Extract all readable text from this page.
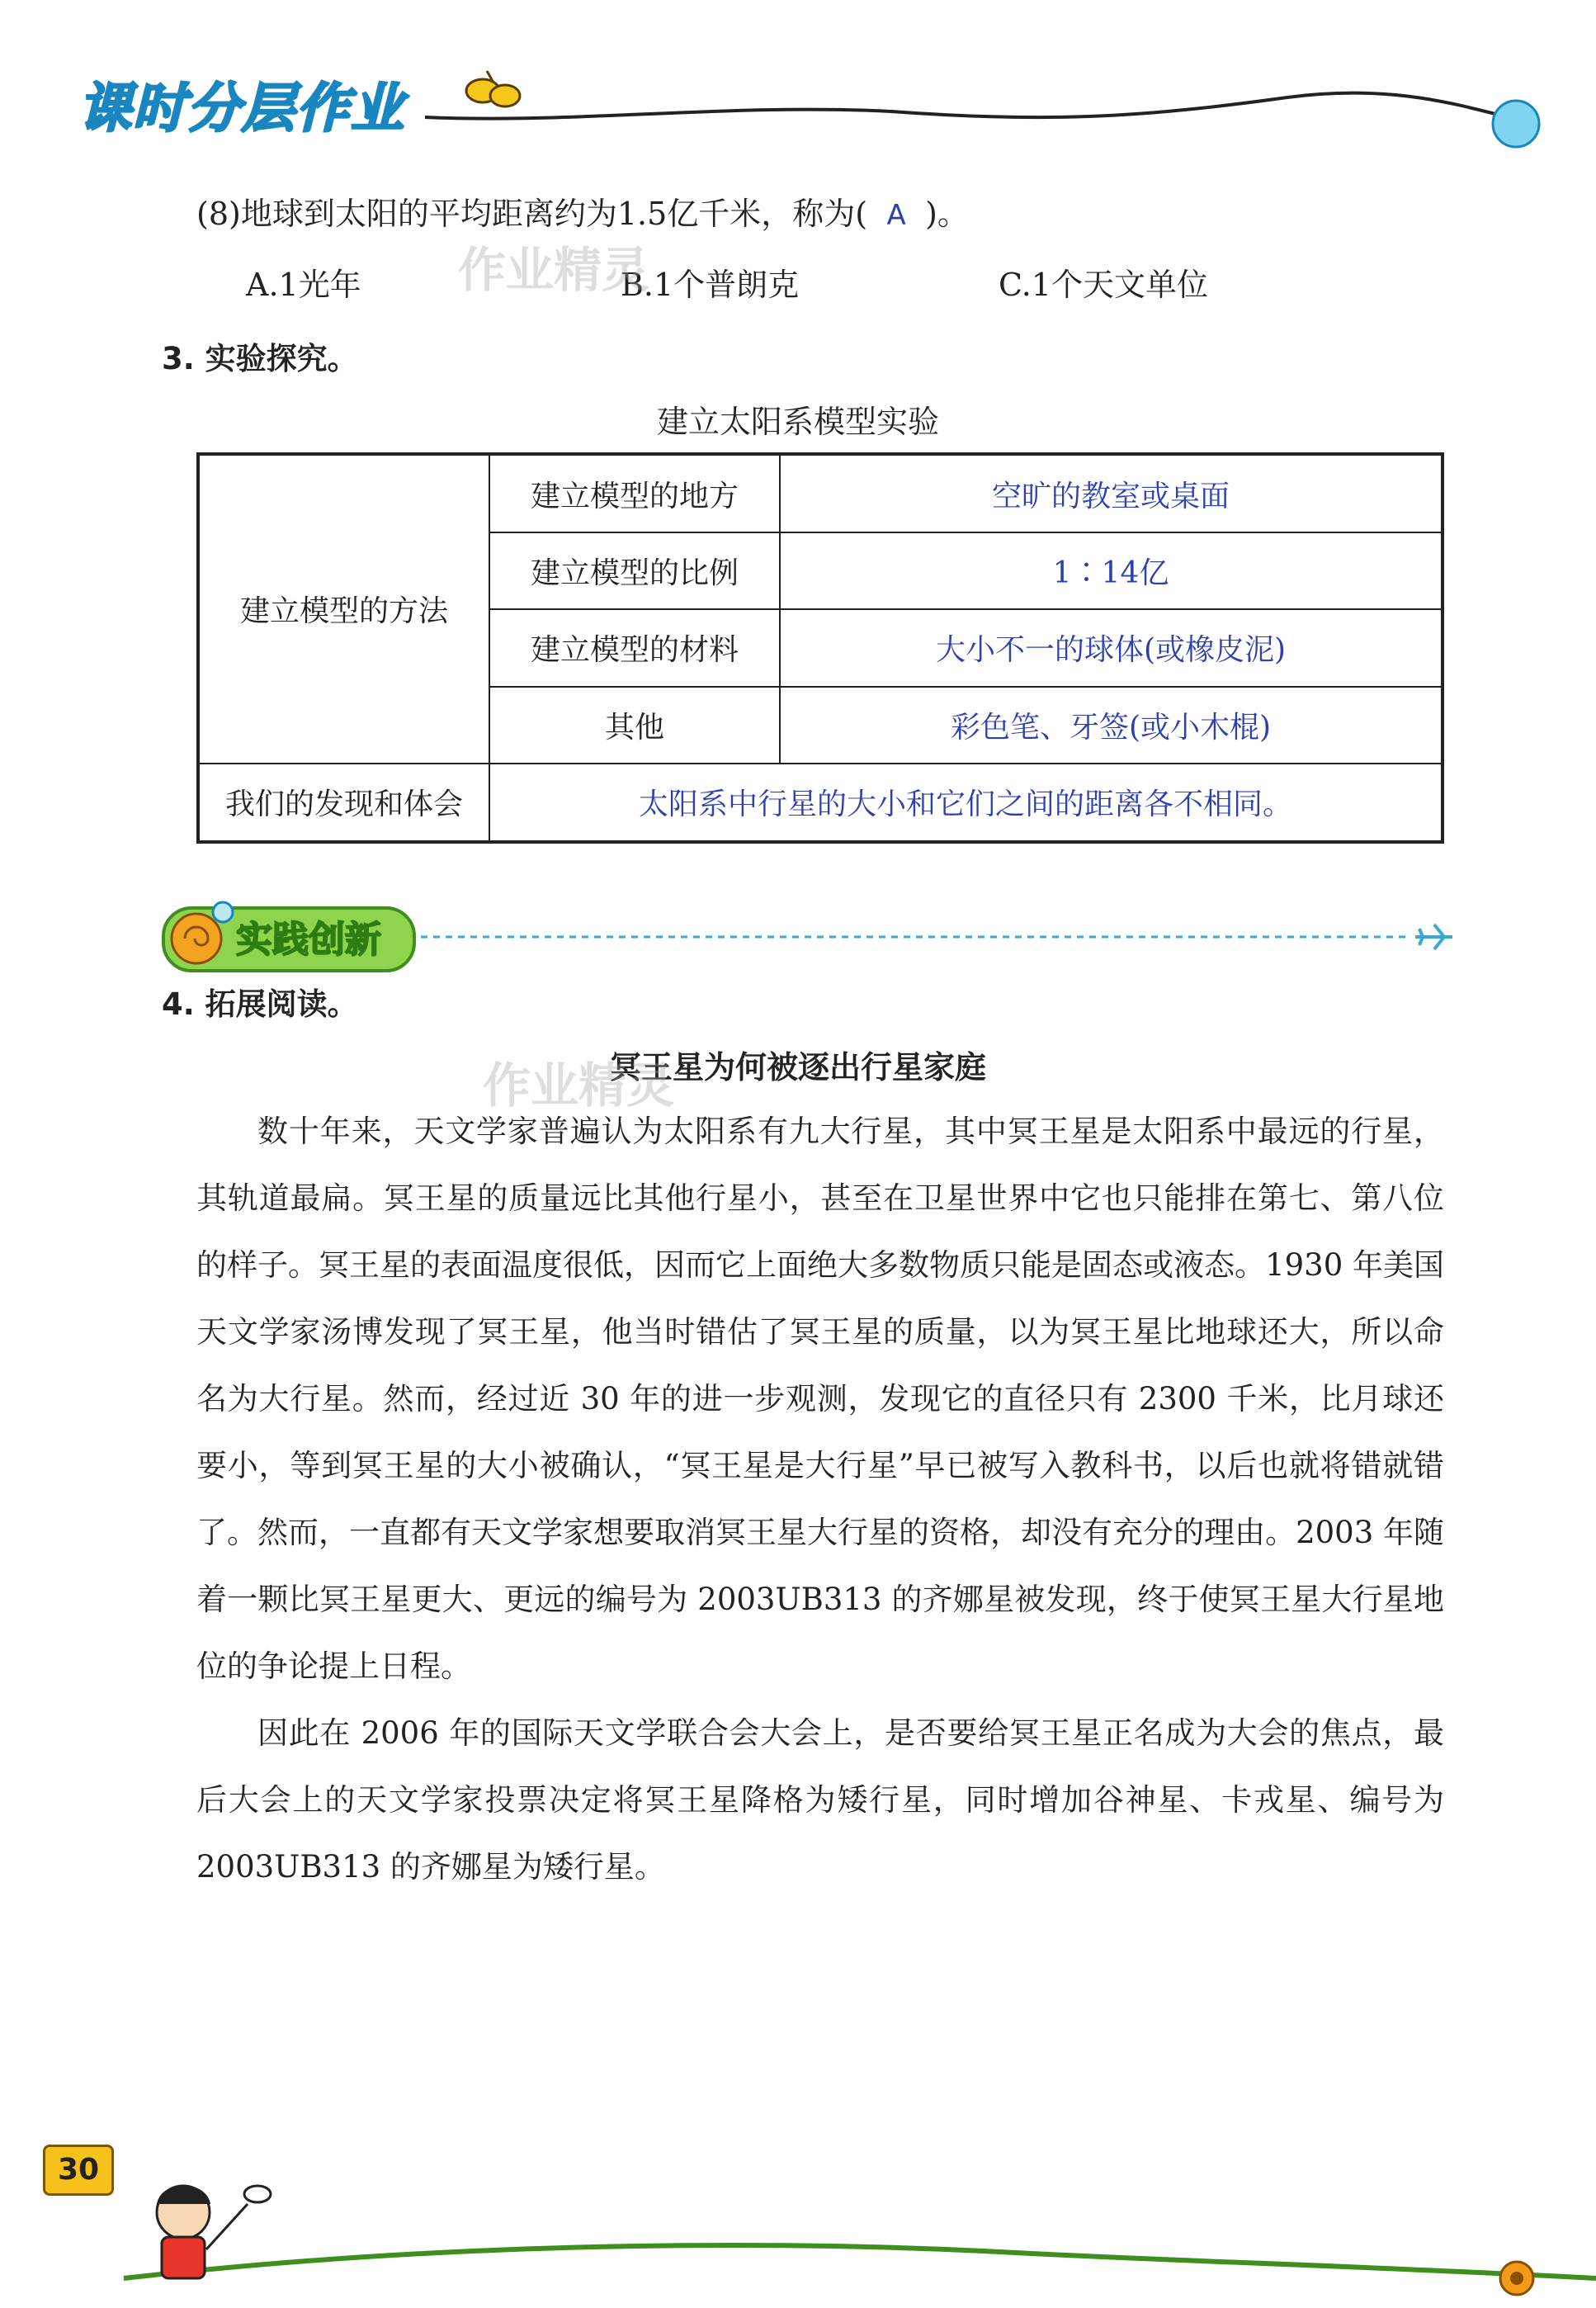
课时分层作业
(8)地球到太阳的平均距离约为1.5亿千米，称为( A )。
A.1光年	B.1个普朗克	C.1个天文单位
作业精灵
3. 实验探究。
建立太阳系模型实验
建立模型的方法	建立模型的地方	空旷的教室或桌面
	建立模型的比例	1∶14亿
	建立模型的材料	大小不一的球体(或橡皮泥)
	其他	彩色笔、牙签(或小木棍)
我们的发现和体会	太阳系中行星的大小和它们之间的距离各不相同。	
实践创新
4. 拓展阅读。
冥王星为何被逐出行星家庭
作业精灵

数十年来，天文学家普遍认为太阳系有九大行星，其中冥王星是太阳系中最远的行星，其轨道最扁。冥王星的质量远比其他行星小，甚至在卫星世界中它也只能排在第七、第八位的样子。冥王星的表面温度很低，因而它上面绝大多数物质只能是固态或液态。1930 年美国天文学家汤博发现了冥王星，他当时错估了冥王星的质量，以为冥王星比地球还大，所以命名为大行星。然而，经过近 30 年的进一步观测，发现它的直径只有 2300 千米，比月球还要小，等到冥王星的大小被确认，“冥王星是大行星”早已被写入教科书，以后也就将错就错了。然而，一直都有天文学家想要取消冥王星大行星的资格，却没有充分的理由。2003 年随着一颗比冥王星更大、更远的编号为 2003UB313 的齐娜星被发现，终于使冥王星大行星地位的争论提上日程。

因此在 2006 年的国际天文学联合会大会上，是否要给冥王星正名成为大会的焦点，最后大会上的天文学家投票决定将冥王星降格为矮行星，同时增加谷神星、卡戎星、编号为 2003UB313 的齐娜星为矮行星。

30
